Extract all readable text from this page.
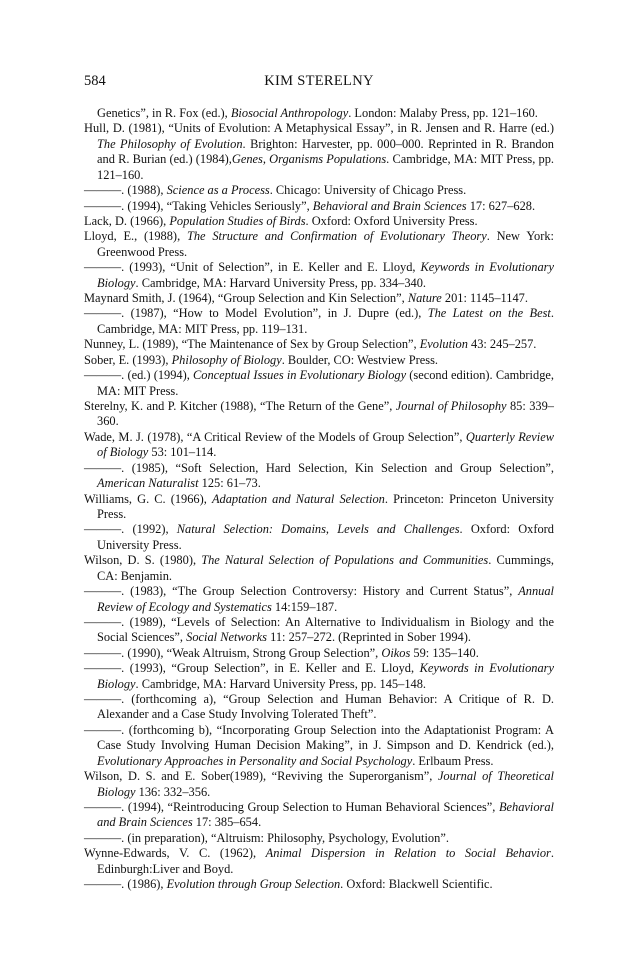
584	KIM STERELNY
Genetics”, in R. Fox (ed.), Biosocial Anthropology. London: Malaby Press, pp. 121–160.
Hull, D. (1981), “Units of Evolution: A Metaphysical Essay”, in R. Jensen and R. Harre (ed.) The Philosophy of Evolution. Brighton: Harvester, pp. 000–000. Reprinted in R. Brandon and R. Burian (ed.) (1984),Genes, Organisms Populations. Cambridge, MA: MIT Press, pp. 121–160.
———. (1988), Science as a Process. Chicago: University of Chicago Press.
———. (1994), “Taking Vehicles Seriously”, Behavioral and Brain Sciences 17: 627–628.
Lack, D. (1966), Population Studies of Birds. Oxford: Oxford University Press.
Lloyd, E., (1988), The Structure and Confirmation of Evolutionary Theory. New York: Greenwood Press.
———. (1993), “Unit of Selection”, in E. Keller and E. Lloyd, Keywords in Evolutionary Biology. Cambridge, MA: Harvard University Press, pp. 334–340.
Maynard Smith, J. (1964), “Group Selection and Kin Selection”, Nature 201: 1145–1147.
———. (1987), “How to Model Evolution”, in J. Dupre (ed.), The Latest on the Best. Cambridge, MA: MIT Press, pp. 119–131.
Nunney, L. (1989), “The Maintenance of Sex by Group Selection”, Evolution 43: 245–257.
Sober, E. (1993), Philosophy of Biology. Boulder, CO: Westview Press.
———. (ed.) (1994), Conceptual Issues in Evolutionary Biology (second edition). Cambridge, MA: MIT Press.
Sterelny, K. and P. Kitcher (1988), “The Return of the Gene”, Journal of Philosophy 85: 339–360.
Wade, M. J. (1978), “A Critical Review of the Models of Group Selection”, Quarterly Review of Biology 53: 101–114.
———. (1985), “Soft Selection, Hard Selection, Kin Selection and Group Selection”, American Naturalist 125: 61–73.
Williams, G. C. (1966), Adaptation and Natural Selection. Princeton: Princeton University Press.
———. (1992), Natural Selection: Domains, Levels and Challenges. Oxford: Oxford University Press.
Wilson, D. S. (1980), The Natural Selection of Populations and Communities. Cummings, CA: Benjamin.
———. (1983), “The Group Selection Controversy: History and Current Status”, Annual Review of Ecology and Systematics 14:159–187.
———. (1989), “Levels of Selection: An Alternative to Individualism in Biology and the Social Sciences”, Social Networks 11: 257–272. (Reprinted in Sober 1994).
———. (1990), “Weak Altruism, Strong Group Selection”, Oikos 59: 135–140.
———. (1993), “Group Selection”, in E. Keller and E. Lloyd, Keywords in Evolutionary Biology. Cambridge, MA: Harvard University Press, pp. 145–148.
———. (forthcoming a), “Group Selection and Human Behavior: A Critique of R. D. Alexander and a Case Study Involving Tolerated Theft”.
———. (forthcoming b), “Incorporating Group Selection into the Adaptationist Program: A Case Study Involving Human Decision Making”, in J. Simpson and D. Kendrick (ed.), Evolutionary Approaches in Personality and Social Psychology. Erlbaum Press.
Wilson, D. S. and E. Sober(1989), “Reviving the Superorganism”, Journal of Theoretical Biology 136: 332–356.
———. (1994), “Reintroducing Group Selection to Human Behavioral Sciences”, Behavioral and Brain Sciences 17: 385–654.
———. (in preparation), “Altruism: Philosophy, Psychology, Evolution”.
Wynne-Edwards, V. C. (1962), Animal Dispersion in Relation to Social Behavior. Edinburgh:Liver and Boyd.
———. (1986), Evolution through Group Selection. Oxford: Blackwell Scientific.
